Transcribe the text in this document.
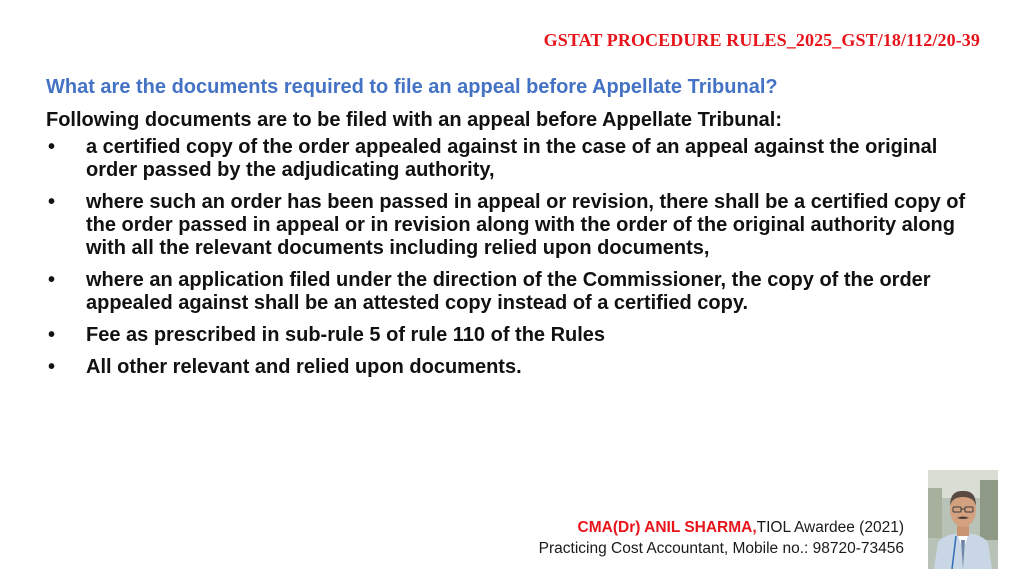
GSTAT PROCEDURE RULES_2025_GST/18/112/20-39
What are the documents required to file an appeal before Appellate Tribunal?
Following documents are to be filed with an appeal before Appellate Tribunal:
• a certified copy of the order appealed against in the case of an appeal against the original order passed by the adjudicating authority,
• where such an order has been passed in appeal or revision, there shall be a certified copy of the order passed in appeal or in revision along with the order of the original authority along with all the relevant documents including relied upon documents,
• where an application filed under the direction of the Commissioner, the copy of the order appealed against shall be an attested copy instead of a certified copy.
• Fee as prescribed in sub-rule 5 of rule 110 of the Rules
• All other relevant and relied upon documents.
CMA(Dr) ANIL SHARMA,TIOL Awardee (2021)
Practicing Cost Accountant, Mobile no.: 98720-73456
